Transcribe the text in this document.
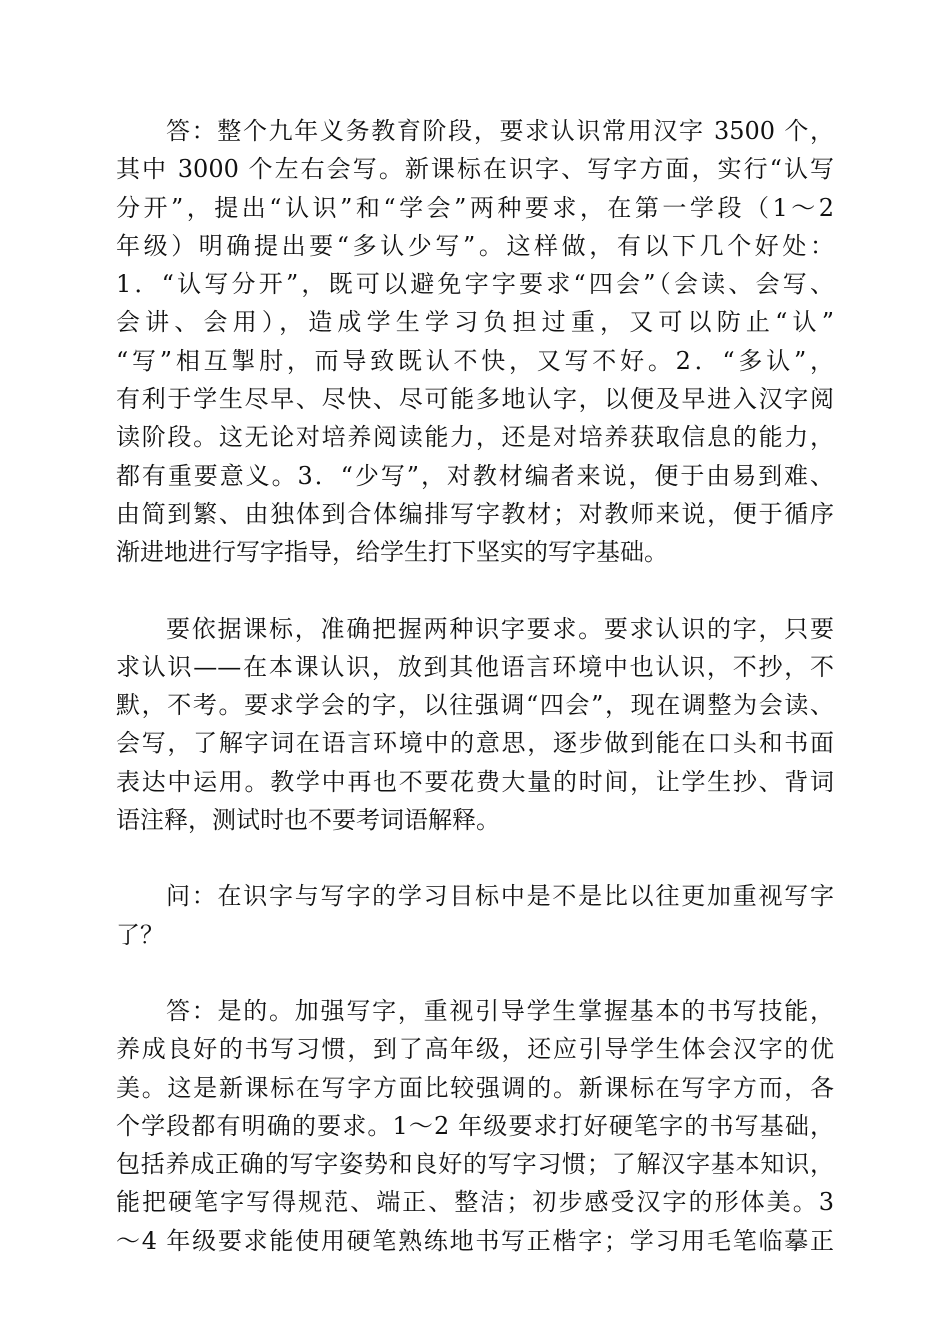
答：整个九年义务教育阶段，要求认识常用汉字 3500 个，
其中 3000 个左右会写。新课标在识字、写字方面，实行“认写
分开”，提出“认识”和“学会”两种要求，在第一学段（1～2
年级）明确提出要“多认少写”。这样做，有以下几个好处：
1．“认写分开”，既可以避免字字要求“四会”（会读、会写、
会讲、会用），造成学生学习负担过重，又可以防止“认”
“写”相互掣肘，而导致既认不快，又写不好。2．“多认”，
有利于学生尽早、尽快、尽可能多地认字，以便及早进入汉字阅
读阶段。这无论对培养阅读能力，还是对培养获取信息的能力，
都有重要意义。3．“少写”，对教材编者来说，便于由易到难、
由简到繁、由独体到合体编排写字教材；对教师来说，便于循序
渐进地进行写字指导，给学生打下坚实的写字基础。

要依据课标，准确把握两种识字要求。要求认识的字，只要
求认识——在本课认识，放到其他语言环境中也认识，不抄，不
默，不考。要求学会的字，以往强调“四会”，现在调整为会读、
会写，了解字词在语言环境中的意思，逐步做到能在口头和书面
表达中运用。教学中再也不要花费大量的时间，让学生抄、背词
语注释，测试时也不要考词语解释。

问：在识字与写字的学习目标中是不是比以往更加重视写字
了？

答：是的。加强写字，重视引导学生掌握基本的书写技能，
养成良好的书写习惯，到了高年级，还应引导学生体会汉字的优
美。这是新课标在写字方面比较强调的。新课标在写字方而，各
个学段都有明确的要求。1～2 年级要求打好硬笔字的书写基础，
包括养成正确的写字姿势和良好的写字习惯；了解汉字基本知识，
能把硬笔字写得规范、端正、整洁；初步感受汉字的形体美。3
～4 年级要求能使用硬笔熟练地书写正楷字；学习用毛笔临摹正
